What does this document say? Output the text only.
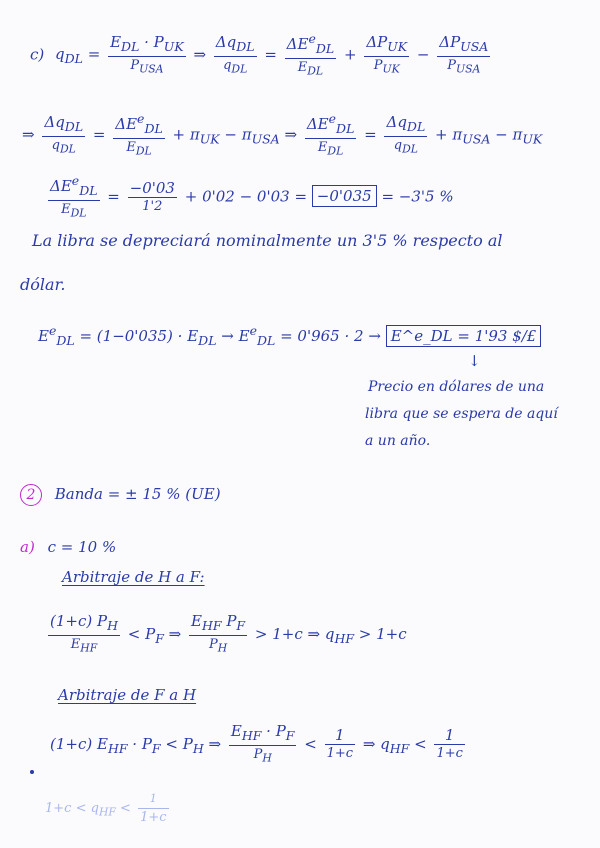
c) $q_{DL} = \frac{E_{DL} \cdot P_{UK}}{P_{USA}}$ ⇒ $\frac{\Delta q_{DL}}{q_{DL}} = \frac{\Delta E^e_{DL}}{E_{DL}} + \frac{\Delta P_{UK}}{P_{UK}} - \frac{\Delta P_{USA}}{P_{USA}}$
⇒ $\frac{\Delta q_{DL}}{q_{DL}} = \frac{\Delta E^e_{DL}}{E_{DL}} + \pi_{UK} - \pi_{USA}$ ⇒ $\frac{\Delta E^e_{DL}}{E_{DL}} = \frac{\Delta q_{DL}}{q_{DL}} + \pi_{USA} - \pi_{UK}$
$\frac{\Delta E^e_{DL}}{E_{DL}} = \frac{-0'03}{1'2} + 0'02 - 0'03 = -0'035 = -3'5$ %
La libra se depreciará nominalmente un 3'5 % respecto al
dólar.
$E^e_{DL} = (1-0'035) \cdot E_{DL} \to E^e_{DL} = 0'965 \cdot 2$ → E^e_DL = 1'93 $/£
↓
Precio en dólares de una
libra que se espera de aquí
a un año.
2 Banda = ± 15 % (UE)
a) c = 10 %
Arbitraje de H a F:
$\frac{(1+c) P_H}{E_{HF}} < P_F$ ⇒ $\frac{E_{HF} P_F}{P_H} > 1+c$ ⇒ $q_{HF} > 1+c$
Arbitraje de F a H
(1+c) $E_{HF} \cdot P_F < P_H$ ⇒ $\frac{E_{HF} \cdot P_F}{P_H} < \frac{1}{1+c}$ ⇒ $q_{HF} < \frac{1}{1+c}$
$1+c < q_{HF} < \frac{1}{1+c}$
